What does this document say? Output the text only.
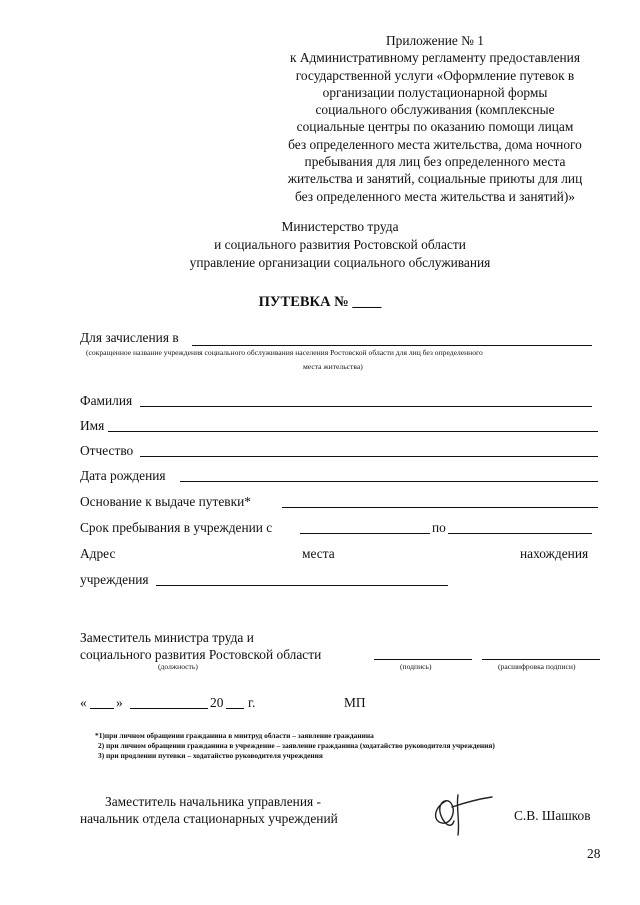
Приложение № 1
к Административному регламенту предоставления
государственной услуги «Оформление путевок в
организации полустационарной формы
социального обслуживания (комплексные
социальные центры по оказанию помощи лицам
без определенного места жительства, дома ночного
пребывания для лиц без определенного места
жительства и занятий, социальные приюты для лиц
без определенного места жительства и занятий)»
Министерство труда
и социального развития Ростовской области
управление организации социального обслуживания
ПУТЕВКА № ____
Для зачисления в
(сокращенное название учреждения социального обслуживания населения Ростовской области для лиц без определенного
места жительства)
Фамилия
Имя
Отчество
Дата рождения
Основание к выдаче путевки*
Срок пребывания в учреждении с	по
Адрес	места	нахождения
учреждения
Заместитель министра труда и
социального развития Ростовской области
(должность)	(подпись)	(расшифровка подписи)
« »	20 г.	МП
*1)при личном обращении гражданина в минтруд области – заявление гражданина
2) при личном обращении гражданина в учреждение – заявление гражданина (ходатайство руководителя учреждения)
3) при продлении путевки – ходатайство руководителя учреждения
Заместитель начальника управления -
начальник отдела стационарных учреждений	С.В. Шашков
28
